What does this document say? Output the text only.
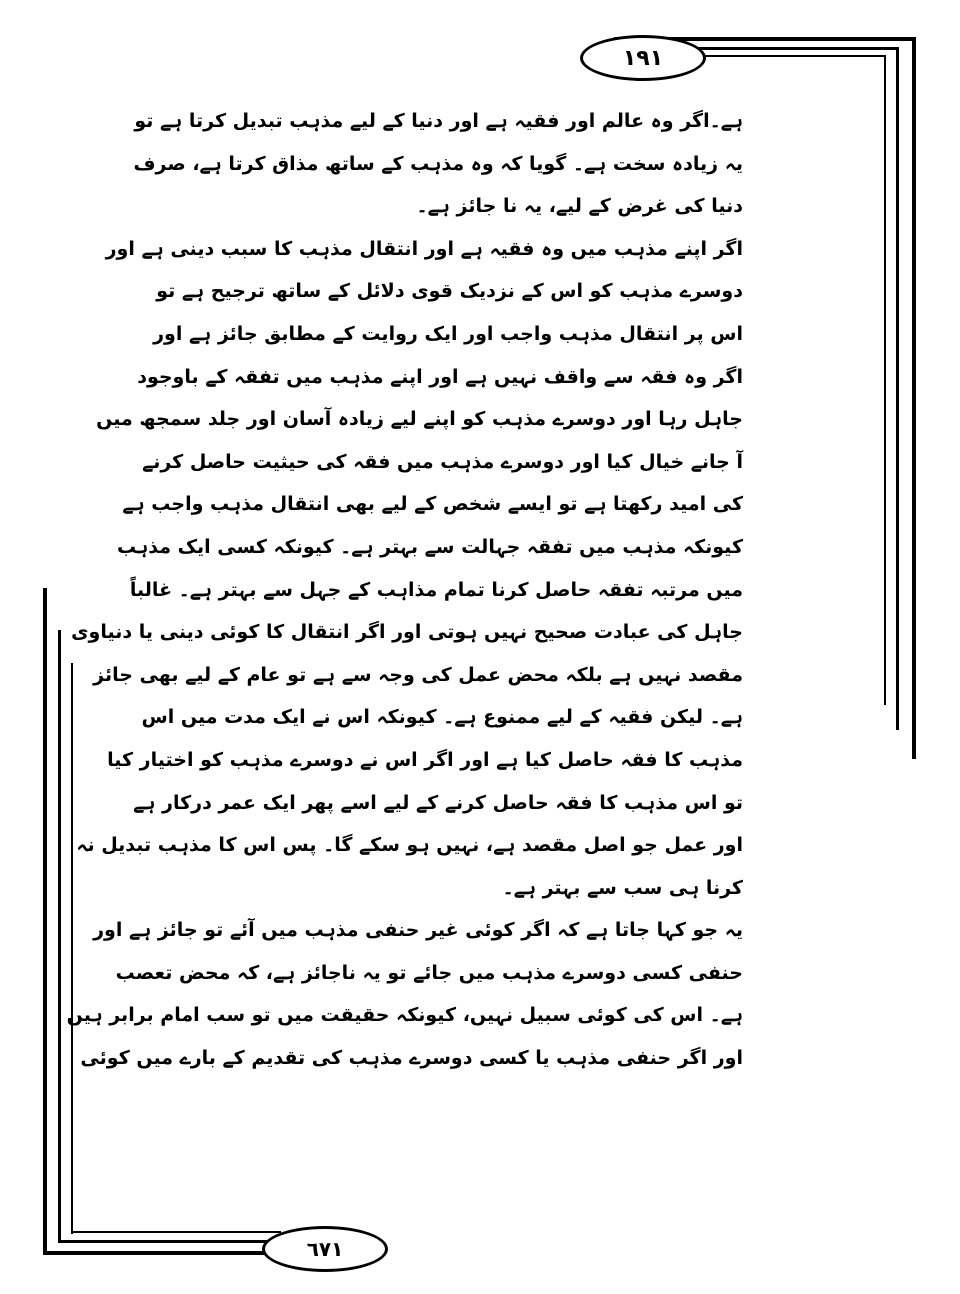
١٩١
٦٧١
ہے۔اگر وہ عالم اور فقیہ ہے اور دنیا کے لیے مذہب تبدیل کرتا ہے تو
یہ زیادہ سخت ہے۔ گویا کہ وہ مذہب کے ساتھ مذاق کرتا ہے، صرف
دنیا کی غرض کے لیے، یہ نا جائز ہے۔
اگر اپنے مذہب میں وہ فقیہ ہے اور انتقال مذہب کا سبب دینی ہے اور
دوسرے مذہب کو اس کے نزدیک قوی دلائل کے ساتھ ترجیح ہے تو
اس پر انتقال مذہب واجب اور ایک روایت کے مطابق جائز ہے اور
اگر وہ فقہ سے واقف نہیں ہے اور اپنے مذہب میں تفقہ کے باوجود
جاہل رہا اور دوسرے مذہب کو اپنے لیے زیادہ آسان اور جلد سمجھ میں
آ جانے خیال کیا اور دوسرے مذہب میں فقہ کی حیثیت حاصل کرنے
کی امید رکھتا ہے تو ایسے شخص کے لیے بھی انتقال مذہب واجب ہے
کیونکہ مذہب میں تفقہ جہالت سے بہتر ہے۔ کیونکہ کسی ایک مذہب
میں مرتبہ تفقہ حاصل کرنا تمام مذاہب کے جہل سے بہتر ہے۔ غالباً
جاہل کی عبادت صحیح نہیں ہوتی اور اگر انتقال کا کوئی دینی یا دنیاوی
مقصد نہیں ہے بلکہ محض عمل کی وجہ سے ہے تو عام کے لیے بھی جائز
ہے۔ لیکن فقیہ کے لیے ممنوع ہے۔ کیونکہ اس نے ایک مدت میں اس
مذہب کا فقہ حاصل کیا ہے اور اگر اس نے دوسرے مذہب کو اختیار کیا
تو اس مذہب کا فقہ حاصل کرنے کے لیے اسے پھر ایک عمر درکار ہے
اور عمل جو اصل مقصد ہے، نہیں ہو سکے گا۔ پس اس کا مذہب تبدیل نہ
کرنا ہی سب سے بہتر ہے۔
یہ جو کہا جاتا ہے کہ اگر کوئی غیر حنفی مذہب میں آئے تو جائز ہے اور
حنفی کسی دوسرے مذہب میں جائے تو یہ ناجائز ہے، کہ محض تعصب
ہے۔ اس کی کوئی سبیل نہیں، کیونکہ حقیقت میں تو سب امام برابر ہیں
اور اگر حنفی مذہب یا کسی دوسرے مذہب کی تقدیم کے بارے میں کوئی
